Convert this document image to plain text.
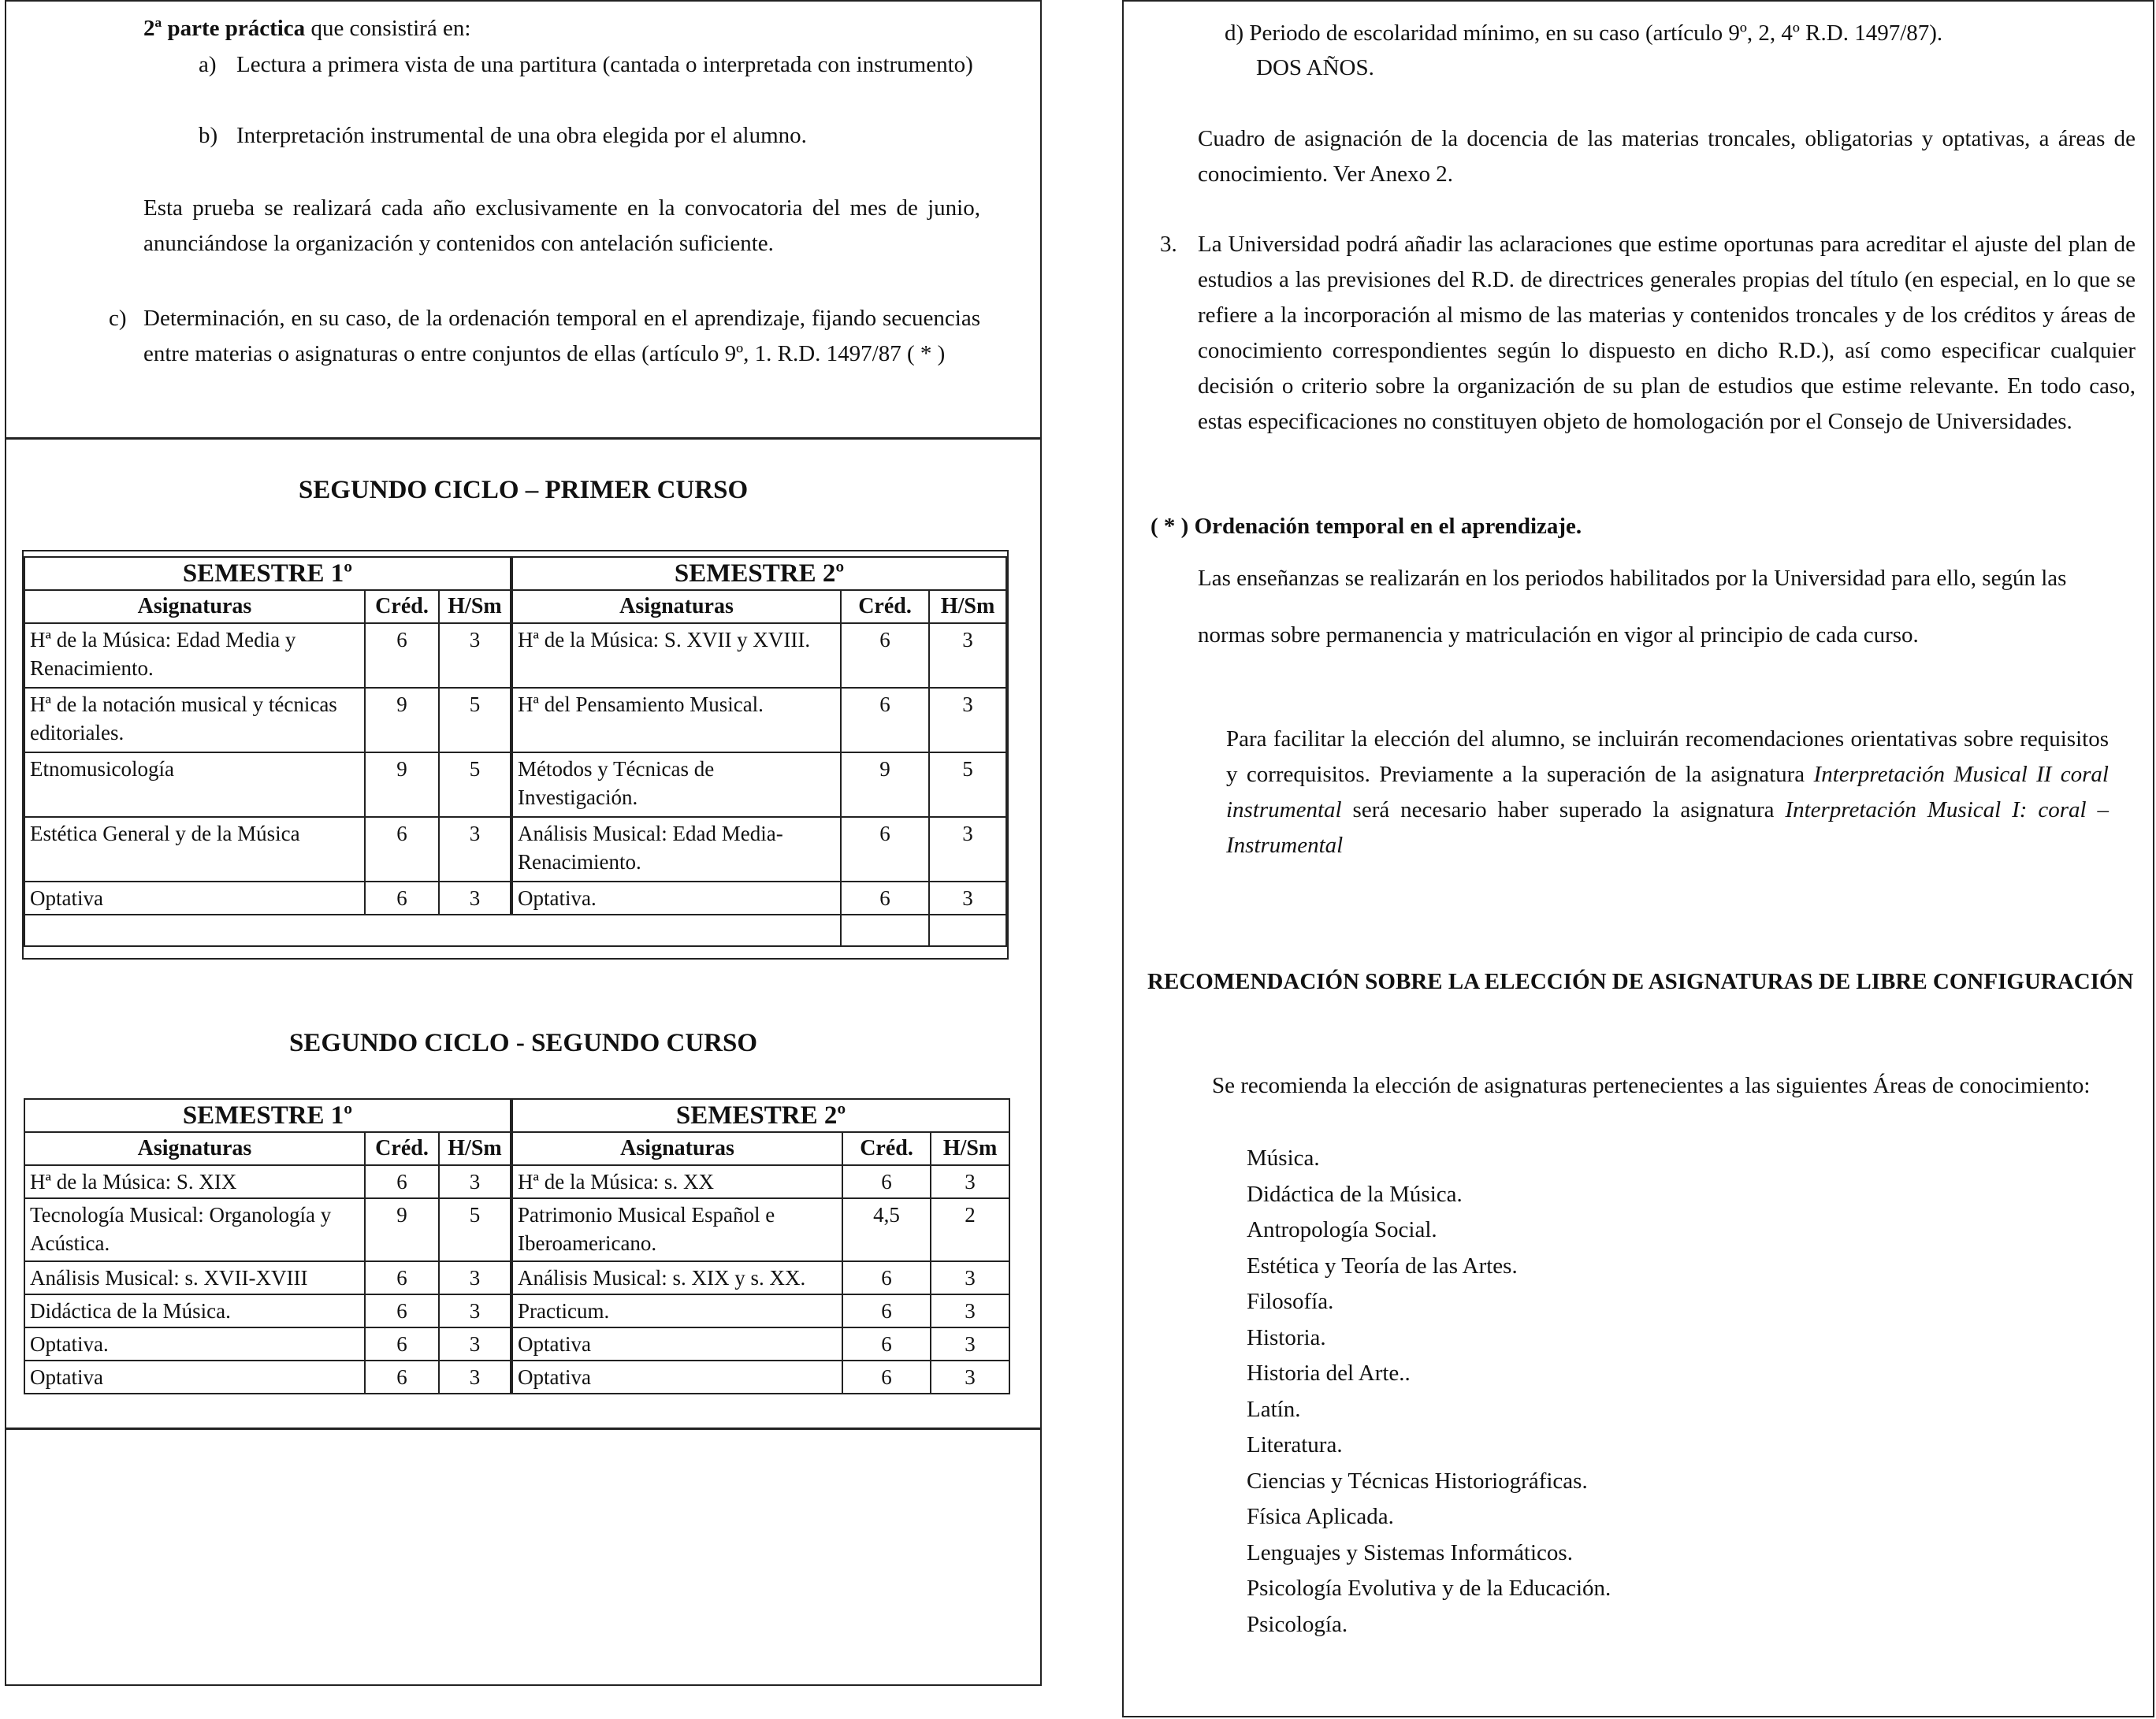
2ª parte práctica que consistirá en:
a) Lectura a primera vista de una partitura (cantada o interpretada con instrumento)
b) Interpretación instrumental de una obra elegida por el alumno.
Esta prueba se realizará cada año exclusivamente en la convocatoria del mes de junio, anunciándose la organización y contenidos con antelación suficiente.
c) Determinación, en su caso, de la ordenación temporal en el aprendizaje, fijando secuencias entre materias o asignaturas o entre conjuntos de ellas (artículo 9º, 1. R.D. 1497/87 ( * )
SEGUNDO CICLO – PRIMER CURSO
SEMESTRE 1º			SEMESTRE 2º		
Asignaturas	Créd.	H/Sm	Asignaturas	Créd.	H/Sm
Hª de la Música: Edad Media y Renacimiento.	6	3	Hª de la Música: S. XVII y XVIII.	6	3
Hª de la notación musical y técnicas editoriales.	9	5	Hª del Pensamiento Musical.	6	3
Etnomusicología	9	5	Métodos y Técnicas de Investigación.	9	5
Estética General y de la Música	6	3	Análisis Musical: Edad Media-Renacimiento.	6	3
Optativa	6	3	Optativa.	6	3

SEGUNDO CICLO - SEGUNDO CURSO
SEMESTRE 1º			SEMESTRE 2º		
Asignaturas	Créd.	H/Sm	Asignaturas	Créd.	H/Sm
Hª de la Música: S. XIX	6	3	Hª de la Música: s. XX	6	3
Tecnología Musical: Organología y Acústica.	9	5	Patrimonio Musical Español e Iberoamericano.	4,5	2
Análisis Musical: s. XVII-XVIII	6	3	Análisis Musical: s. XIX y s. XX.	6	3
Didáctica de la Música.	6	3	Practicum.	6	3
Optativa.	6	3	Optativa	6	3
Optativa	6	3	Optativa	6	3
d) Periodo de escolaridad mínimo, en su caso (artículo 9º, 2, 4º R.D. 1497/87).
DOS AÑOS.
Cuadro de asignación de la docencia de las materias troncales, obligatorias y optativas, a áreas de conocimiento. Ver Anexo 2.
3. La Universidad podrá añadir las aclaraciones que estime oportunas para acreditar el ajuste del plan de estudios a las previsiones del R.D. de directrices generales propias del título (en especial, en lo que se refiere a la incorporación al mismo de las materias y contenidos troncales y de los créditos y áreas de conocimiento correspondientes según lo dispuesto en dicho R.D.), así como especificar cualquier decisión o criterio sobre la organización de su plan de estudios que estime relevante. En todo caso, estas especificaciones no constituyen objeto de homologación por el Consejo de Universidades.
( * ) Ordenación temporal en el aprendizaje.
Las enseñanzas se realizarán en los periodos habilitados por la Universidad para ello, según las
normas sobre permanencia y matriculación en vigor al principio de cada curso.
Para facilitar la elección del alumno, se incluirán recomendaciones orientativas sobre requisitos y correquisitos. Previamente a la superación de la asignatura Interpretación Musical II coral instrumental será necesario haber superado la asignatura Interpretación Musical I: coral – Instrumental
RECOMENDACIÓN SOBRE LA ELECCIÓN DE ASIGNATURAS DE LIBRE CONFIGURACIÓN
Se recomienda la elección de asignaturas pertenecientes a las siguientes Áreas de conocimiento:
Música.
Didáctica de la Música.
Antropología Social.
Estética y Teoría de las Artes.
Filosofía.
Historia.
Historia del Arte..
Latín.
Literatura.
Ciencias y Técnicas Historiográficas.
Física Aplicada.
Lenguajes y Sistemas Informáticos.
Psicología Evolutiva y de la Educación.
Psicología.
